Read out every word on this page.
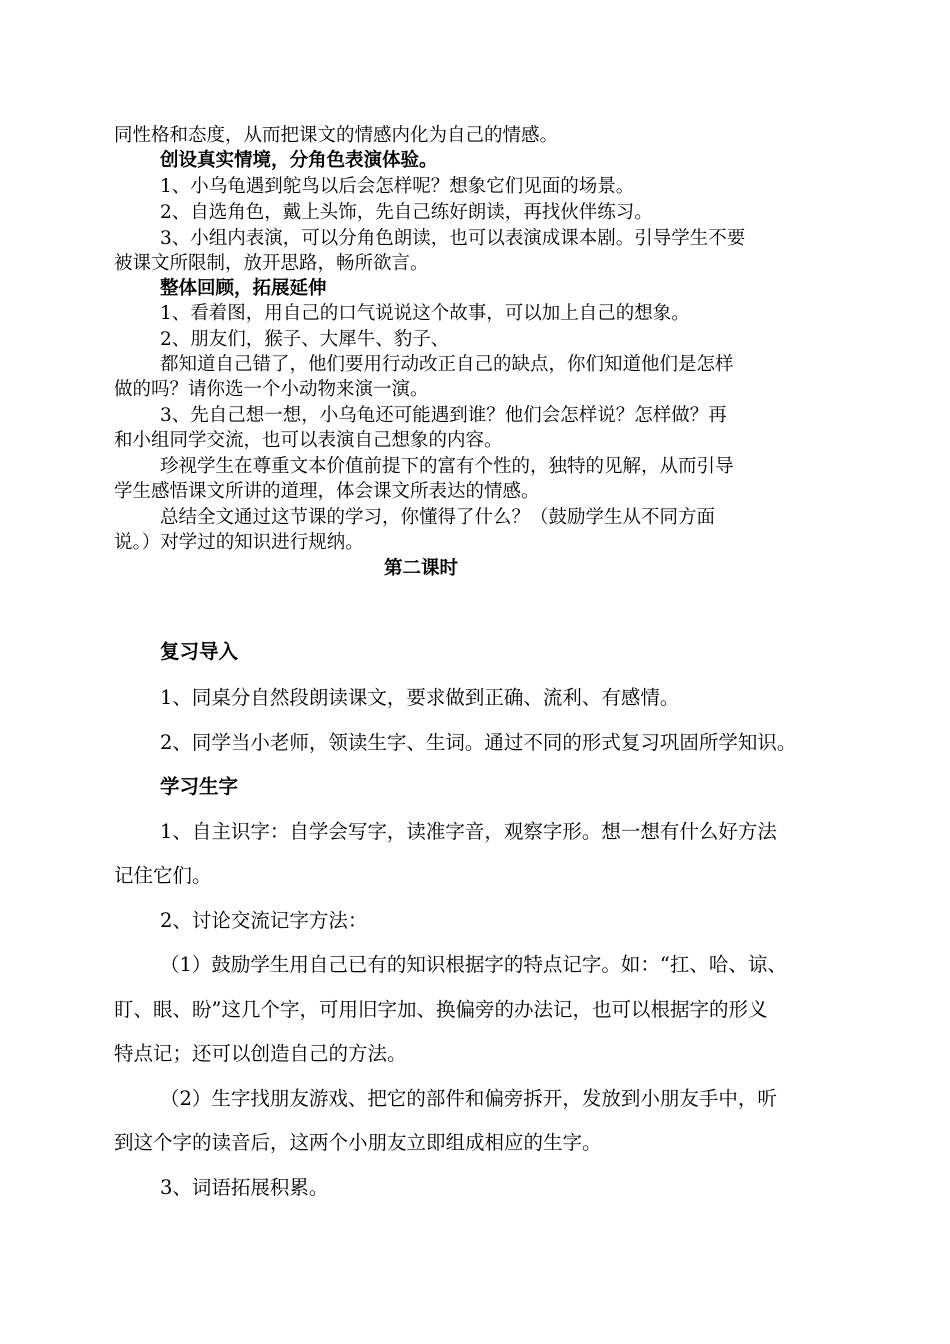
同性格和态度，从而把课文的情感内化为自己的情感。
创设真实情境，分角色表演体验。
1、小乌龟遇到鸵鸟以后会怎样呢？想象它们见面的场景。
2、自选角色，戴上头饰，先自己练好朗读，再找伙伴练习。
3、小组内表演，可以分角色朗读，也可以表演成课本剧。引导学生不要
被课文所限制，放开思路，畅所欲言。
整体回顾，拓展延伸
1、看着图，用自己的口气说说这个故事，可以加上自己的想象。
2、朋友们，猴子、大犀牛、豹子、
都知道自己错了，他们要用行动改正自己的缺点，你们知道他们是怎样
做的吗？请你选一个小动物来演一演。
3、先自己想一想，小乌龟还可能遇到谁？他们会怎样说？怎样做？再
和小组同学交流，也可以表演自己想象的内容。
珍视学生在尊重文本价值前提下的富有个性的，独特的见解，从而引导
学生感悟课文所讲的道理，体会课文所表达的情感。
总结全文通过这节课的学习，你懂得了什么？（鼓励学生从不同方面
说。）对学过的知识进行规纳。
第二课时
复习导入
1、同桌分自然段朗读课文，要求做到正确、流利、有感情。
2、同学当小老师，领读生字、生词。通过不同的形式复习巩固所学知识。
学习生字
1、自主识字：自学会写字，读准字音，观察字形。想一想有什么好方法
记住它们。
2、讨论交流记字方法：
（1）鼓励学生用自己已有的知识根据字的特点记字。如：“扛、哈、谅、
盯、眼、盼”这几个字，可用旧字加、换偏旁的办法记，也可以根据字的形义
特点记；还可以创造自己的方法。
（2）生字找朋友游戏、把它的部件和偏旁拆开，发放到小朋友手中，听
到这个字的读音后，这两个小朋友立即组成相应的生字。
3、词语拓展积累。
